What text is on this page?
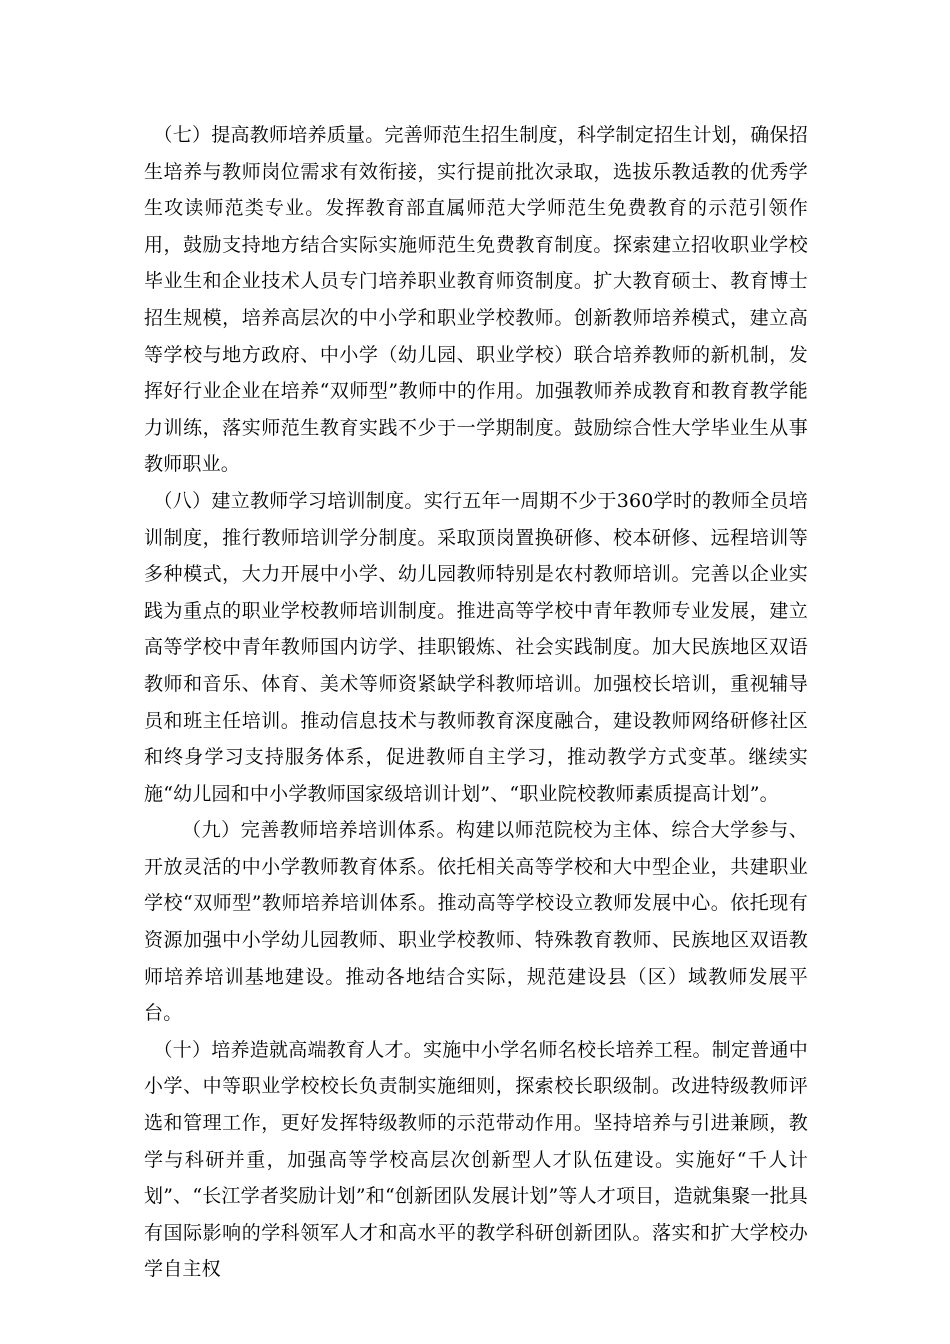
（七）提高教师培养质量。完善师范生招生制度，科学制定招生计划，确保招生培养与教师岗位需求有效衔接，实行提前批次录取，选拔乐教适教的优秀学生攻读师范类专业。发挥教育部直属师范大学师范生免费教育的示范引领作用，鼓励支持地方结合实际实施师范生免费教育制度。探索建立招收职业学校毕业生和企业技术人员专门培养职业教育师资制度。扩大教育硕士、教育博士招生规模，培养高层次的中小学和职业学校教师。创新教师培养模式，建立高等学校与地方政府、中小学（幼儿园、职业学校）联合培养教师的新机制，发挥好行业企业在培养“双师型”教师中的作用。加强教师养成教育和教育教学能力训练，落实师范生教育实践不少于一学期制度。鼓励综合性大学毕业生从事教师职业。

（八）建立教师学习培训制度。实行五年一周期不少于360学时的教师全员培训制度，推行教师培训学分制度。采取顶岗置换研修、校本研修、远程培训等多种模式，大力开展中小学、幼儿园教师特别是农村教师培训。完善以企业实践为重点的职业学校教师培训制度。推进高等学校中青年教师专业发展，建立高等学校中青年教师国内访学、挂职锻炼、社会实践制度。加大民族地区双语教师和音乐、体育、美术等师资紧缺学科教师培训。加强校长培训，重视辅导员和班主任培训。推动信息技术与教师教育深度融合，建设教师网络研修社区和终身学习支持服务体系，促进教师自主学习，推动教学方式变革。继续实施“幼儿园和中小学教师国家级培训计划”、“职业院校教师素质提高计划”。

（九）完善教师培养培训体系。构建以师范院校为主体、综合大学参与、开放灵活的中小学教师教育体系。依托相关高等学校和大中型企业，共建职业学校“双师型”教师培养培训体系。推动高等学校设立教师发展中心。依托现有资源加强中小学幼儿园教师、职业学校教师、特殊教育教师、民族地区双语教师培养培训基地建设。推动各地结合实际，规范建设县（区）域教师发展平台。

（十）培养造就高端教育人才。实施中小学名师名校长培养工程。制定普通中小学、中等职业学校校长负责制实施细则，探索校长职级制。改进特级教师评选和管理工作，更好发挥特级教师的示范带动作用。坚持培养与引进兼顾，教学与科研并重，加强高等学校高层次创新型人才队伍建设。实施好“千人计划”、“长江学者奖励计划”和“创新团队发展计划”等人才项目，造就集聚一批具有国际影响的学科领军人才和高水平的教学科研创新团队。落实和扩大学校办学自主权
